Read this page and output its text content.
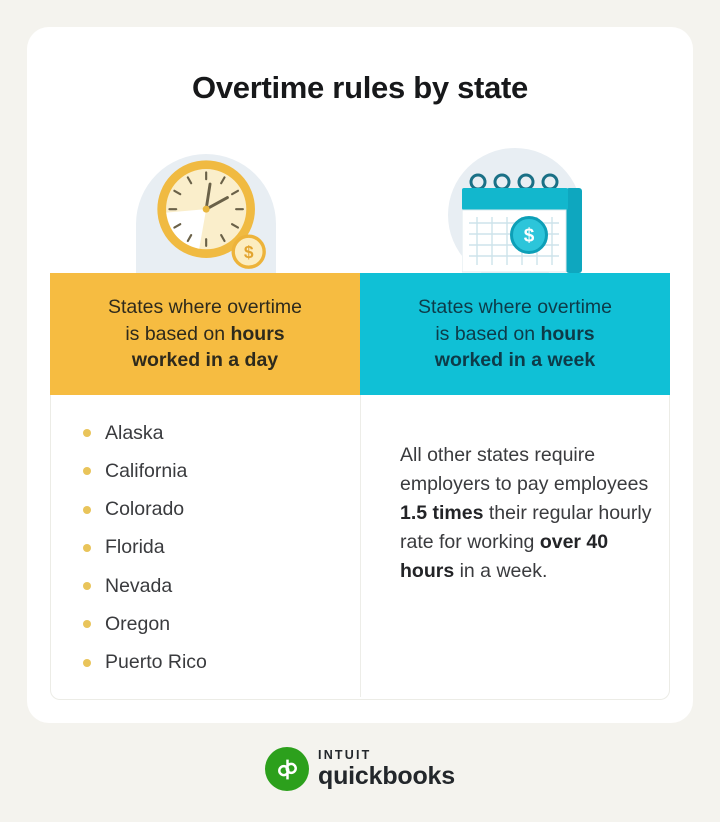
Overtime rules by state
$
$
States where overtime
is based on hours
worked in a day
States where overtime
is based on hours
worked in a week
Alaska
California
Colorado
Florida
Nevada
Oregon
Puerto Rico

All other states require employers to pay employees 1.5 times their regular hourly rate for working over 40 hours in a week.

INTUIT
quickbooks
